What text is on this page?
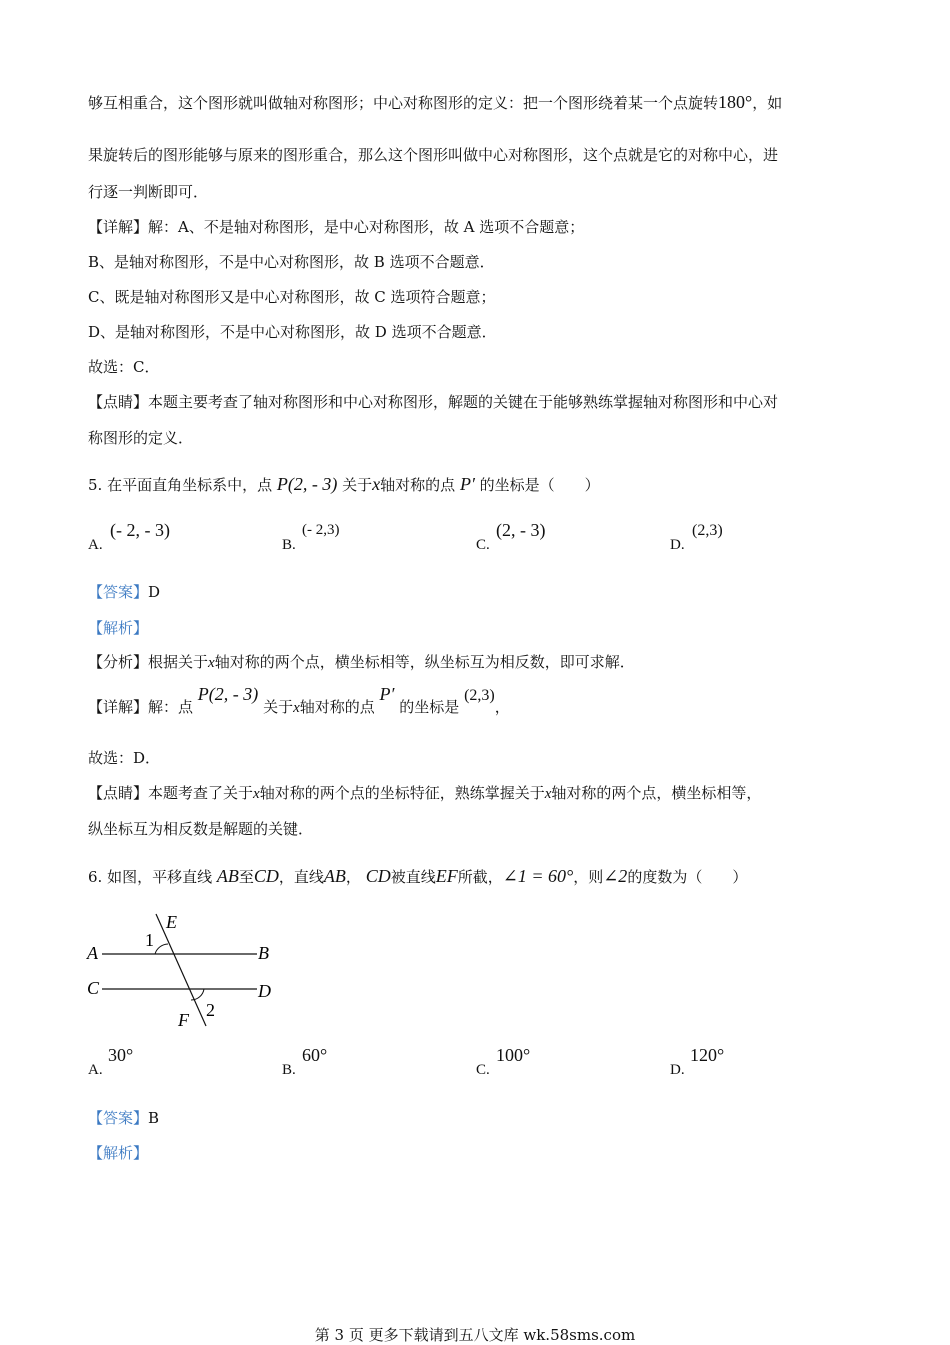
够互相重合，这个图形就叫做轴对称图形；中心对称图形的定义：把一个图形绕着某一个点旋转180°，如
果旋转后的图形能够与原来的图形重合，那么这个图形叫做中心对称图形，这个点就是它的对称中心，进
行逐一判断即可．
【详解】解：A、不是轴对称图形，是中心对称图形，故 A 选项不合题意；
B、是轴对称图形，不是中心对称图形，故 B 选项不合题意．
C、既是轴对称图形又是中心对称图形，故 C 选项符合题意；
D、是轴对称图形，不是中心对称图形，故 D 选项不合题意．
故选：C．
【点睛】本题主要考查了轴对称图形和中心对称图形，解题的关键在于能够熟练掌握轴对称图形和中心对
称图形的定义．
5. 在平面直角坐标系中，点 P(2, - 3) 关于x轴对称的点 P′ 的坐标是（　　）
A.
(- 2, - 3)
B.
(- 2,3)
C.
(2, - 3)
D.
(2,3)
【答案】D
【解析】
【分析】根据关于x轴对称的两个点，横坐标相等，纵坐标互为相反数，即可求解．
【详解】解：点 P(2, - 3) 关于x轴对称的点 P′ 的坐标是 (2,3)，
故选：D．
【点睛】本题考查了关于x轴对称的两个点的坐标特征，熟练掌握关于x轴对称的两个点，横坐标相等，
纵坐标互为相反数是解题的关键．
6. 如图，平移直线 AB至CD，直线AB， CD被直线EF所截，∠1 = 60°，则∠2的度数为（　　）
A	B
C	D
E
F
1
2
A.
30°
B.
60°
C.
100°
D.
120°
【答案】B
【解析】
第 3 页 更多下载请到五八文库 wk.58sms.com
